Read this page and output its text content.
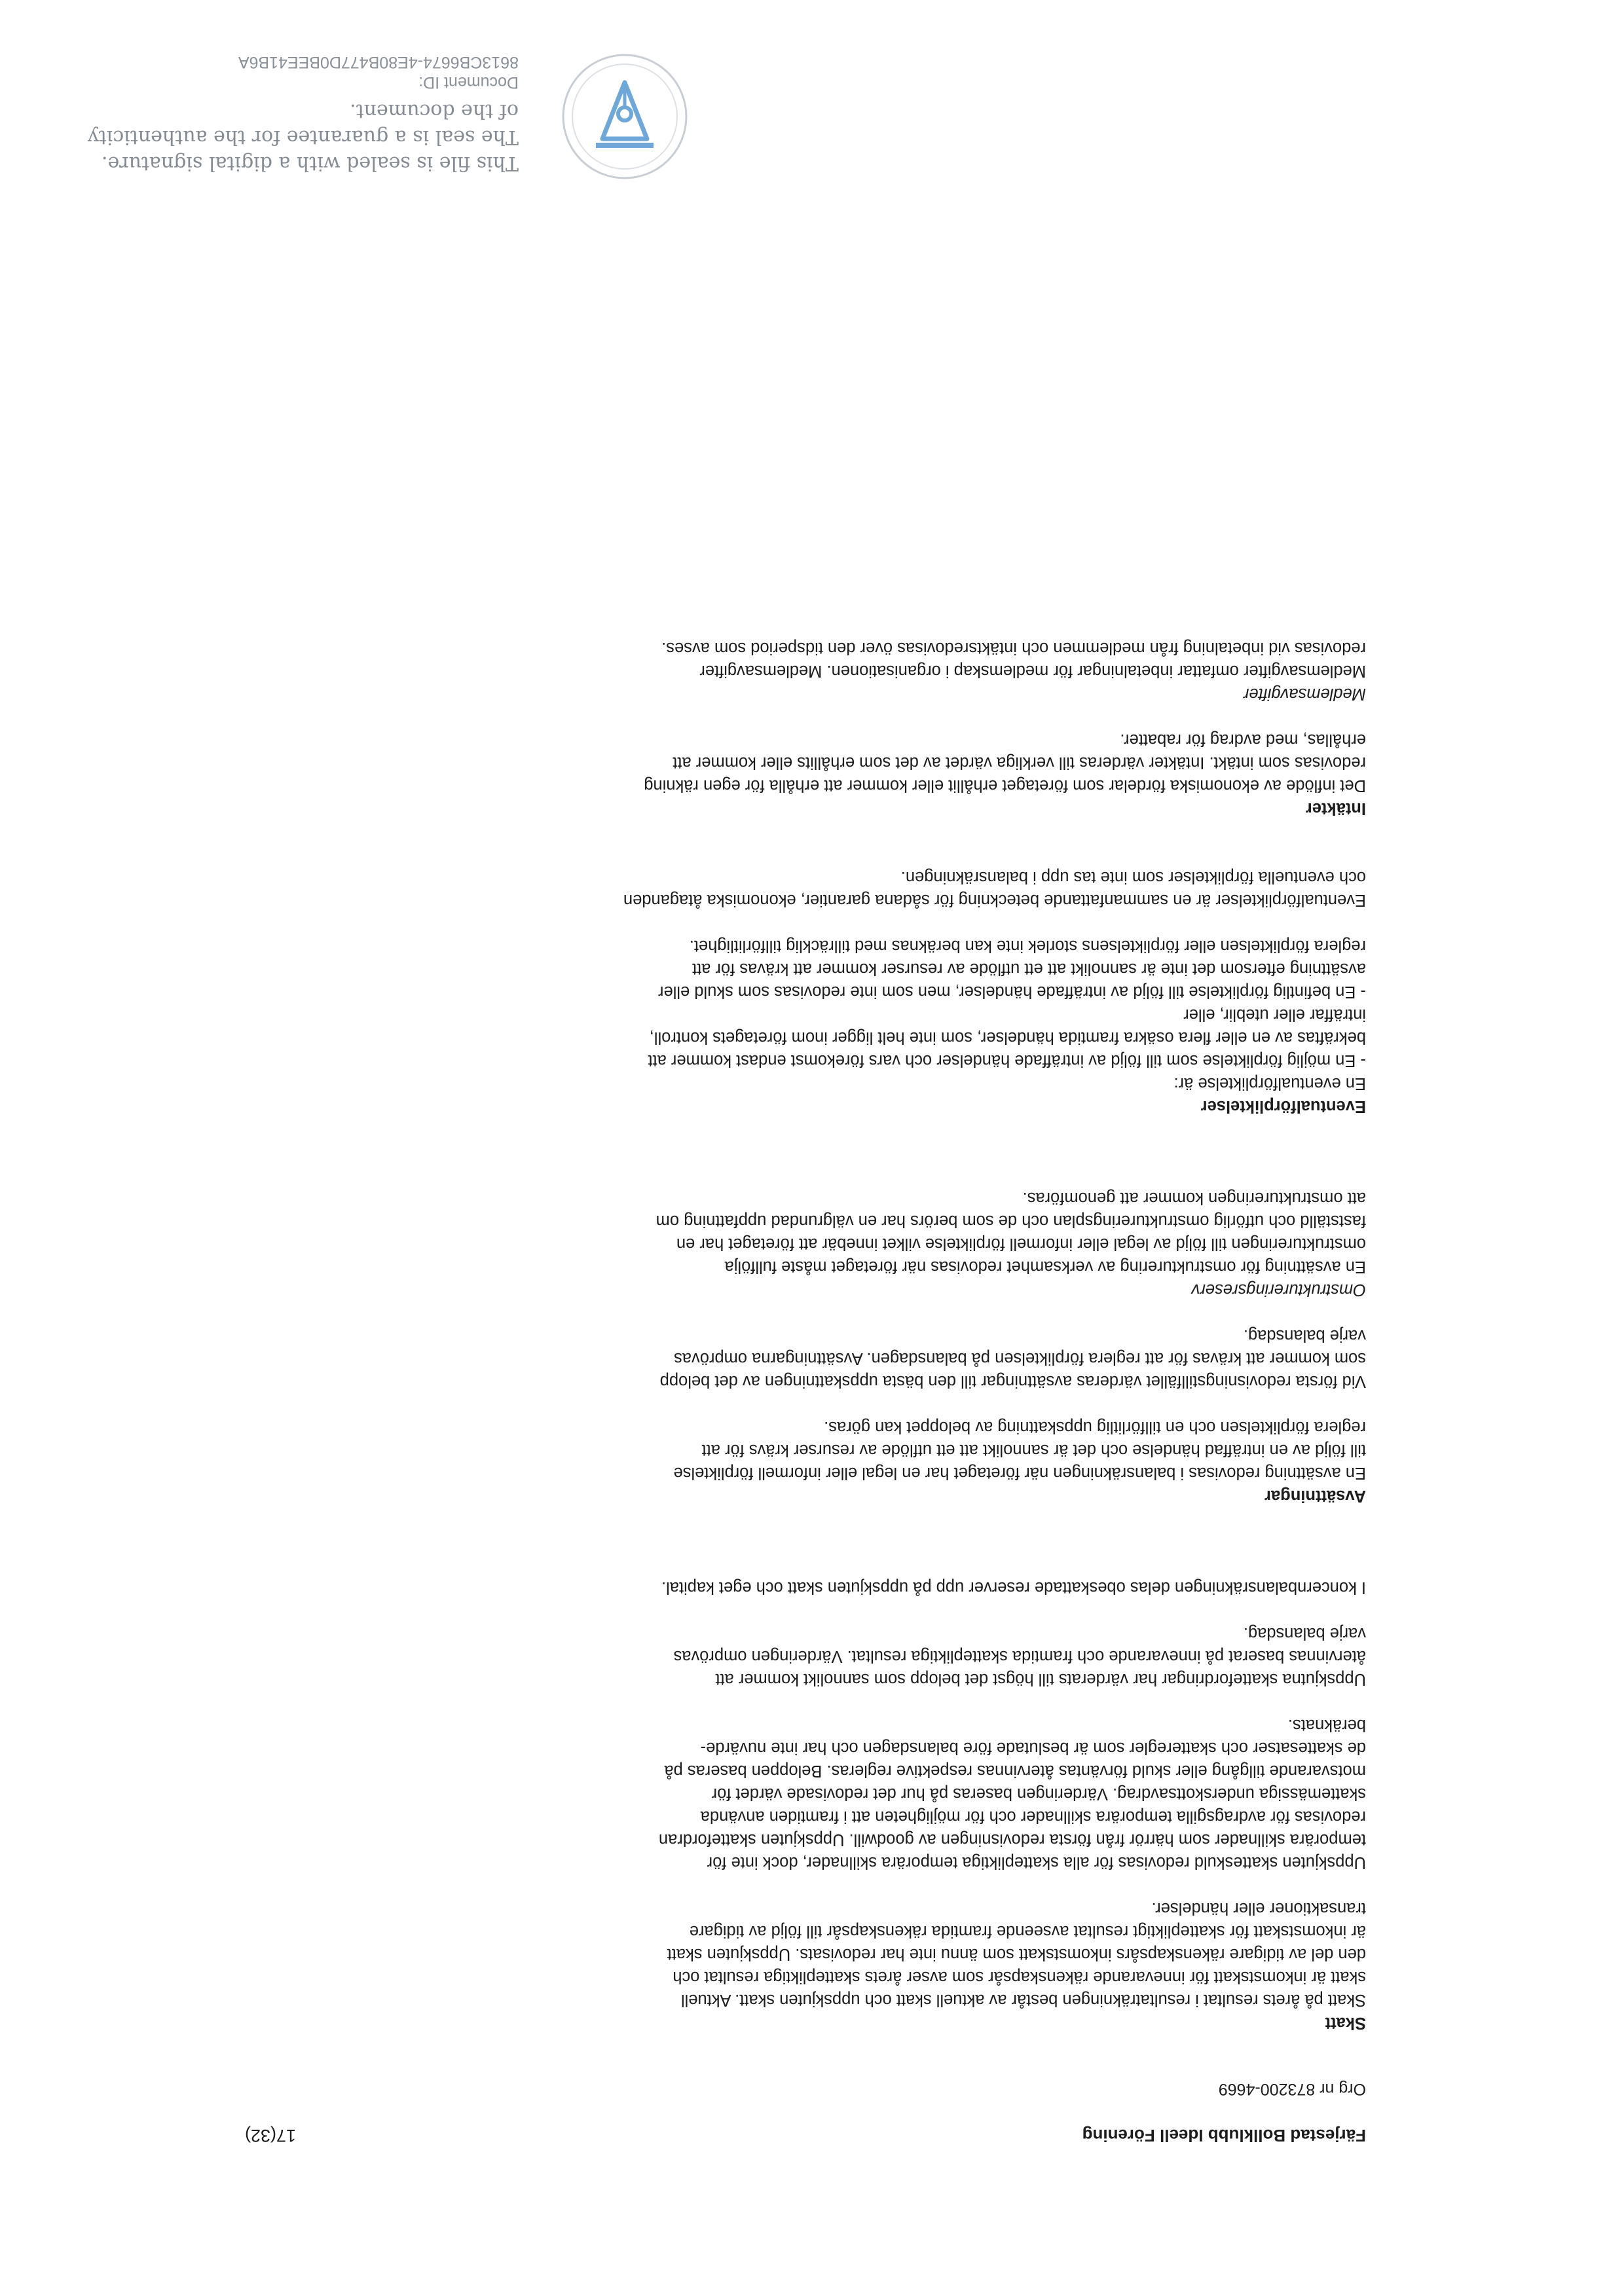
Färjestad Bollklubb Ideell Förening
17(32)
Org nr 873200-4669

Skatt

Skatt på årets resultat i resultaträkningen består av aktuell skatt och uppskjuten skatt. Aktuell

skatt är inkomstskatt för innevarande räkenskapsår som avser årets skattepliktiga resultat och

den del av tidigare räkenskapsårs inkomstskatt som ännu inte har redovisats. Uppskjuten skatt

är inkomstskatt för skattepliktigt resultat avseende framtida räkenskapsår till följd av tidigare

transaktioner eller händelser.

Uppskjuten skatteskuld redovisas för alla skattepliktiga temporära skillnader, dock inte för

temporära skillnader som härrör från första redovisningen av goodwill. Uppskjuten skattefordran

redovisas för avdragsgilla temporära skillnader och för möjligheten att i framtiden använda

skattemässiga underskottsavdrag. Värderingen baseras på hur det redovisade värdet för

motsvarande tillgång eller skuld förväntas återvinnas respektive regleras. Beloppen baseras på

de skattesatser och skatteregler som är beslutade före balansdagen och har inte nuvärde-

beräknats.

Uppskjutna skattefordringar har värderats till högst det belopp som sannolikt kommer att

återvinnas baserat på innevarande och framtida skattepliktiga resultat. Värderingen omprövas

varje balansdag.

I koncernbalansräkningen delas obeskattade reserver upp på uppskjuten skatt och eget kapital.

Avsättningar

En avsättning redovisas i balansräkningen när företaget har en legal eller informell förpliktelse

till följd av en inträffad händelse och det är sannolikt att ett utflöde av resurser krävs för att

reglera förpliktelsen och en tillförlitlig uppskattning av beloppet kan göras.

Vid första redovisningstillfället värderas avsättningar till den bästa uppskattningen av det belopp

som kommer att krävas för att reglera förpliktelsen på balansdagen. Avsättningarna omprövas

varje balansdag.

Omstruktureringsreserv

En avsättning för omstrukturering av verksamhet redovisas när företaget måste fullfölja

omstruktureringen till följd av legal eller informell förpliktelse vilket innebär att företaget har en

fastställd och utförlig omstruktureringsplan och de som berörs har en välgrundad uppfattning om

att omstruktureringen kommer att genomföras.

Eventualförpliktelser

En eventualförpliktelse är:

- En möjlig förpliktelse som till följd av inträffade händelser och vars förekomst endast kommer att

bekräftas av en eller flera osäkra framtida händelser, som inte helt ligger inom företagets kontroll,

inträffar eller uteblir, eller

- En befintlig förpliktelse till följd av inträffade händelser, men som inte redovisas som skuld eller

avsättning eftersom det inte är sannolikt att ett utflöde av resurser kommer att krävas för att

reglera förpliktelsen eller förpliktelsens storlek inte kan beräknas med tillräcklig tillförlitlighet.

Eventualförpliktelser är en sammanfattande beteckning för sådana garantier, ekonomiska åtaganden

och eventuella förpliktelser som inte tas upp i balansräkningen.

Intäkter

Det inflöde av ekonomiska fördelar som företaget erhållit eller kommer att erhålla för egen räkning

redovisas som intäkt. Intäkter värderas till verkliga värdet av det som erhållits eller kommer att

erhållas, med avdrag för rabatter.

Medlemsavgifter

Medlemsavgifter omfattar inbetalningar för medlemskap i organisationen. Medlemsavgifter

redovisas vid inbetalning från medlemmen och intäktsredovisas över den tidsperiod som avses.

This file is sealed with a digital signature.

The seal is a guarantee for the authenticity

of the document.

Document ID:

8613CB6674-4E80B477D0BEE41B6A
